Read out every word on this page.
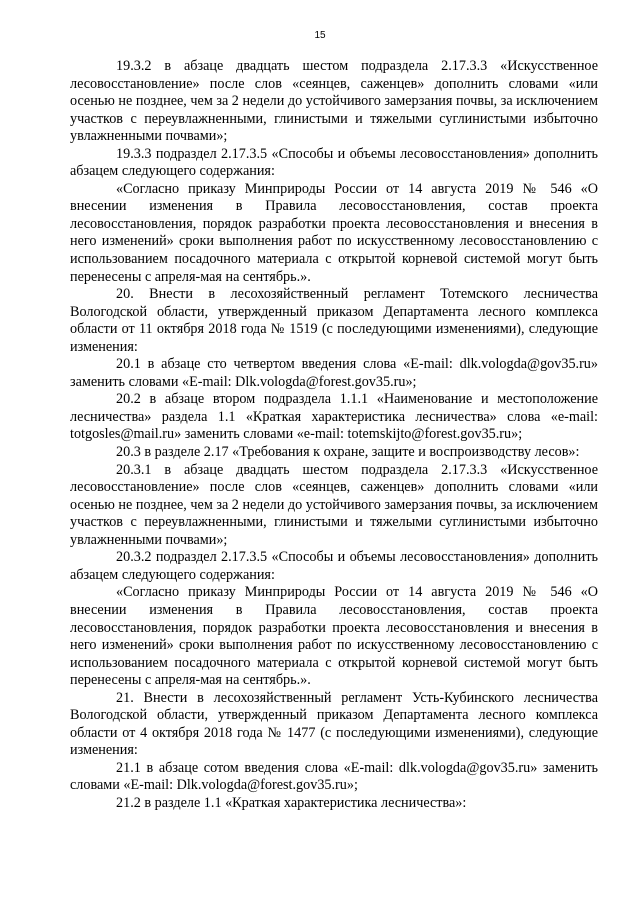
15

19.3.2 в абзаце двадцать шестом подраздела 2.17.3.3 «Искусственное лесовосстановление» после слов «сеянцев, саженцев» дополнить словами «или осенью не позднее, чем за 2 недели до устойчивого замерзания почвы, за исключением участков с переувлажненными, глинистыми и тяжелыми суглинистыми избыточно увлажненными почвами»;

19.3.3 подраздел 2.17.3.5 «Способы и объемы лесовосстановления» дополнить абзацем следующего содержания:

«Согласно приказу Минприроды России от 14 августа 2019 № 546 «О внесении изменения в Правила лесовосстановления, состав проекта лесовосстановления, порядок разработки проекта лесовосстановления и внесения в него изменений» сроки выполнения работ по искусственному лесовосстановлению с использованием посадочного материала с открытой корневой системой могут быть перенесены с апреля-мая на сентябрь.».

20. Внести в лесохозяйственный регламент Тотемского лесничества Вологодской области, утвержденный приказом Департамента лесного комплекса области от 11 октября 2018 года № 1519 (с последующими изменениями), следующие изменения:

20.1 в абзаце сто четвертом введения слова «E-mail: dlk.vologda@gov35.ru» заменить словами «E-mail: Dlk.vologda@forest.gov35.ru»;

20.2 в абзаце втором подраздела 1.1.1 «Наименование и местоположение лесничества» раздела 1.1 «Краткая характеристика лесничества» слова «e-mail: totgosles@mail.ru» заменить словами «e-mail: totemskijto@forest.gov35.ru»;

20.3 в разделе 2.17 «Требования к охране, защите и воспроизводству лесов»:

20.3.1 в абзаце двадцать шестом подраздела 2.17.3.3 «Искусственное лесовосстановление» после слов «сеянцев, саженцев» дополнить словами «или осенью не позднее, чем за 2 недели до устойчивого замерзания почвы, за исключением участков с переувлажненными, глинистыми и тяжелыми суглинистыми избыточно увлажненными почвами»;

20.3.2 подраздел 2.17.3.5 «Способы и объемы лесовосстановления» дополнить абзацем следующего содержания:

«Согласно приказу Минприроды России от 14 августа 2019 № 546 «О внесении изменения в Правила лесовосстановления, состав проекта лесовосстановления, порядок разработки проекта лесовосстановления и внесения в него изменений» сроки выполнения работ по искусственному лесовосстановлению с использованием посадочного материала с открытой корневой системой могут быть перенесены с апреля-мая на сентябрь.».

21. Внести в лесохозяйственный регламент Усть-Кубинского лесничества Вологодской области, утвержденный приказом Департамента лесного комплекса области от 4 октября 2018 года № 1477 (с последующими изменениями), следующие изменения:

21.1 в абзаце сотом введения слова «E-mail: dlk.vologda@gov35.ru» заменить словами «E-mail: Dlk.vologda@forest.gov35.ru»;

21.2 в разделе 1.1 «Краткая характеристика лесничества»:
